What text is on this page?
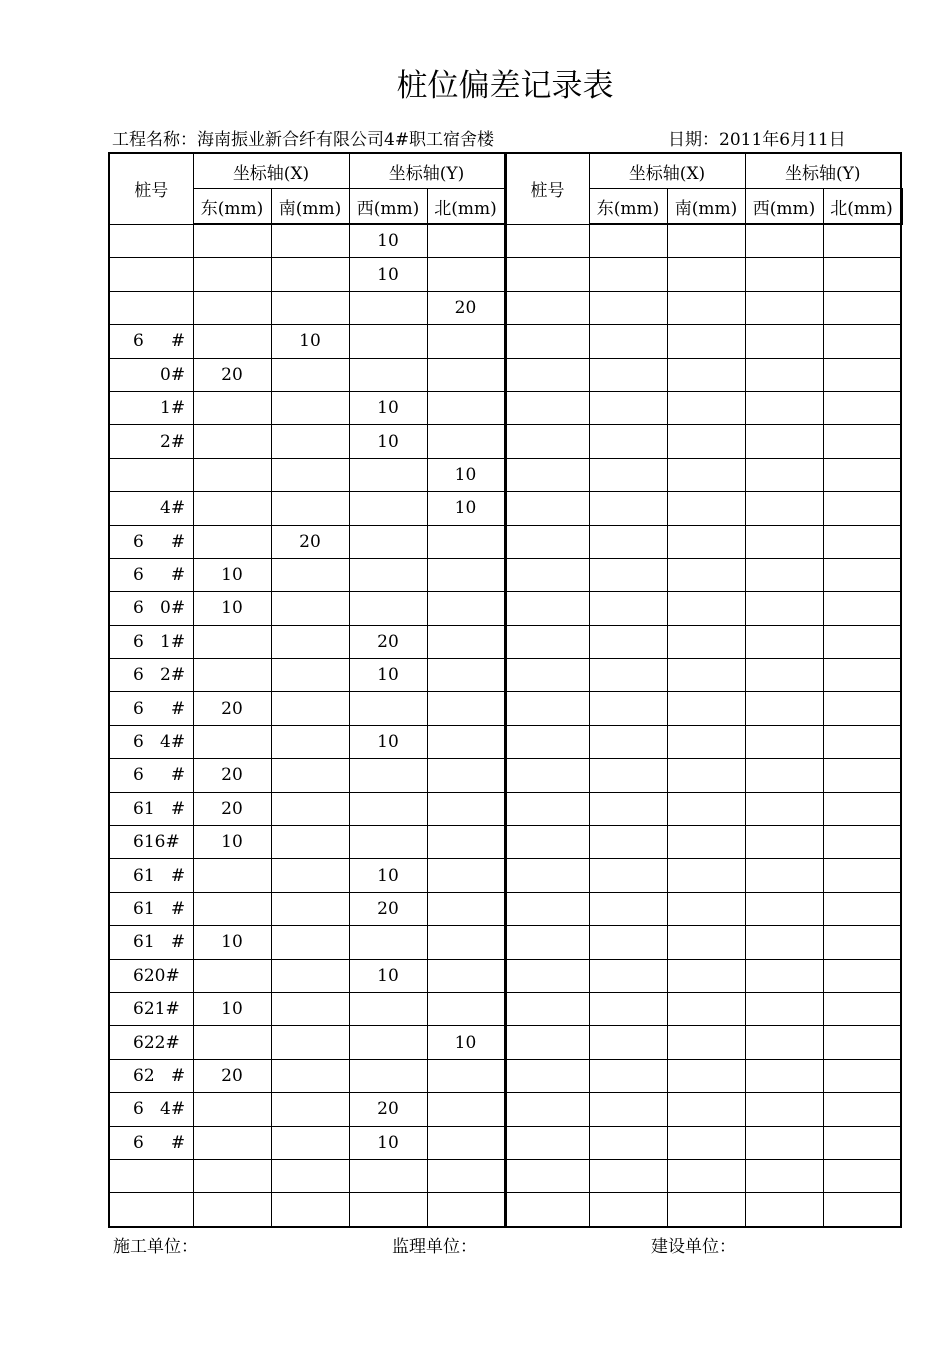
桩位偏差记录表
工程名称：海南振业新合纤有限公司4#职工宿舍楼	日期：2011年6月11日
桩号	坐标轴(X)		坐标轴(Y)		桩号	坐标轴(X)		坐标轴(Y)	
	东(mm)	南(mm)	西(mm)	北(mm)		东(mm)	南(mm)	西(mm)	北(mm)
			10						
			10						
				20					
6     #		10							
0#	20								
1#			10						
2#			10						
				10					
4#				10					
6     #		20							
6     #	10								
6   0#	10								
6   1#			20						
6   2#			10						
6     #	20								
6   4#			10						
6     #	20								
61   #	20								
616#	10								
61   #			10						
61   #			20						
61   #	10								
620#			10						
621#	10								
622#				10					
62   #	20								
6   4#			20						
6     #			10						

施工单位：	监理单位：	建设单位：
